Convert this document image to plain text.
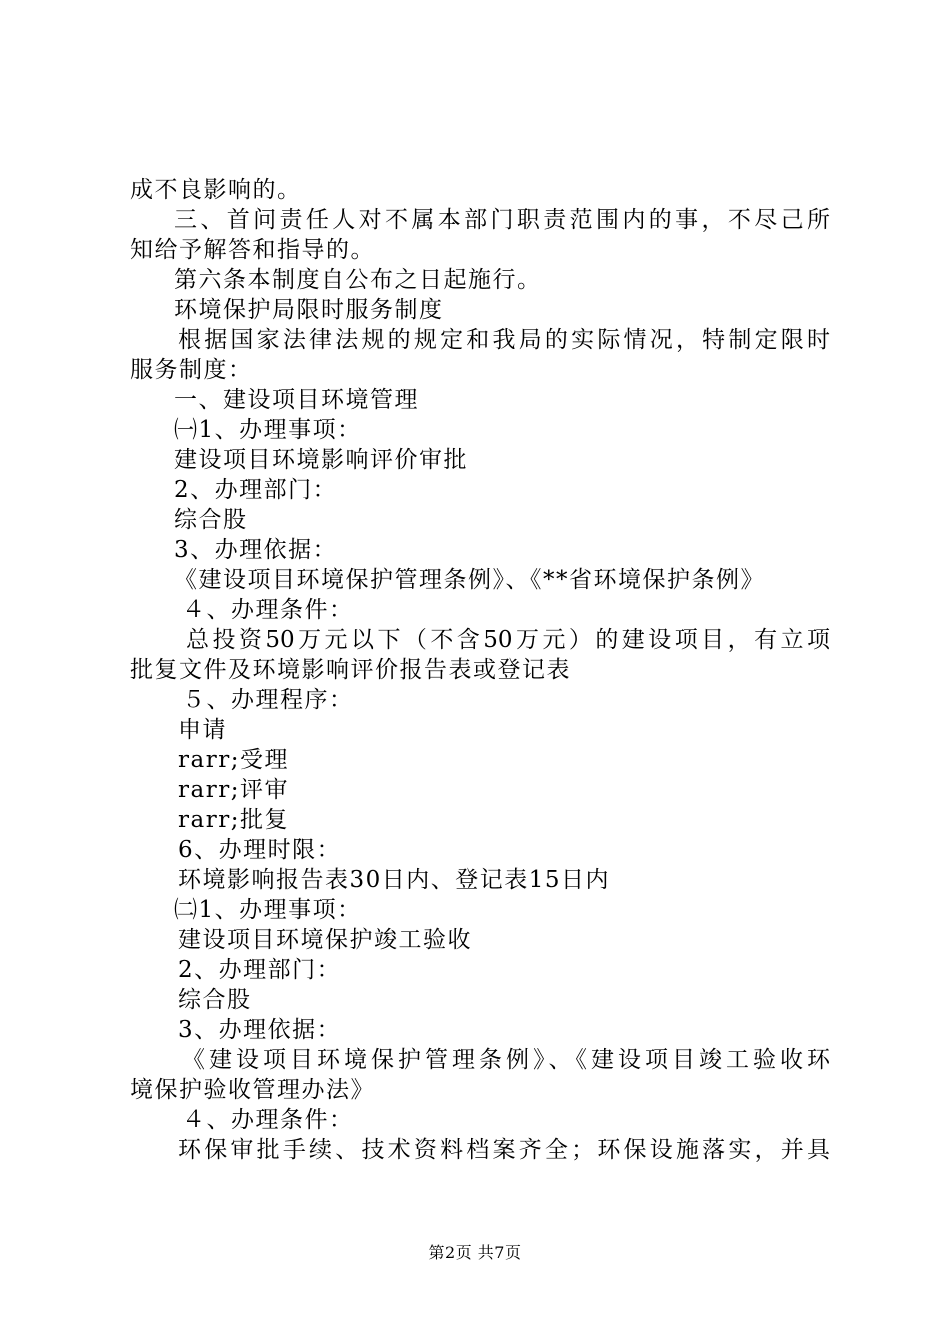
成不良影响的。
三、首问责任人对不属本部门职责范围内的事，不尽己所
知给予解答和指导的。
第六条本制度自公布之日起施行。
环境保护局限时服务制度
根据国家法律法规的规定和我局的实际情况，特制定限时
服务制度：
一、建设项目环境管理
㈠1、办理事项：
建设项目环境影响评价审批
2、办理部门：
综合股
3、办理依据：
《建设项目环境保护管理条例》、《**省环境保护条例》
４、办理条件：
总投资50万元以下（不含50万元）的建设项目，有立项
批复文件及环境影响评价报告表或登记表
５、办理程序：
申请
rarr;受理
rarr;评审
rarr;批复
6、办理时限：
环境影响报告表30日内、登记表15日内
㈡1、办理事项：
建设项目环境保护竣工验收
2、办理部门：
综合股
3、办理依据：
《建设项目环境保护管理条例》、《建设项目竣工验收环
境保护验收管理办法》
４、办理条件：
环保审批手续、技术资料档案齐全；环保设施落实，并具
第2页 共7页
